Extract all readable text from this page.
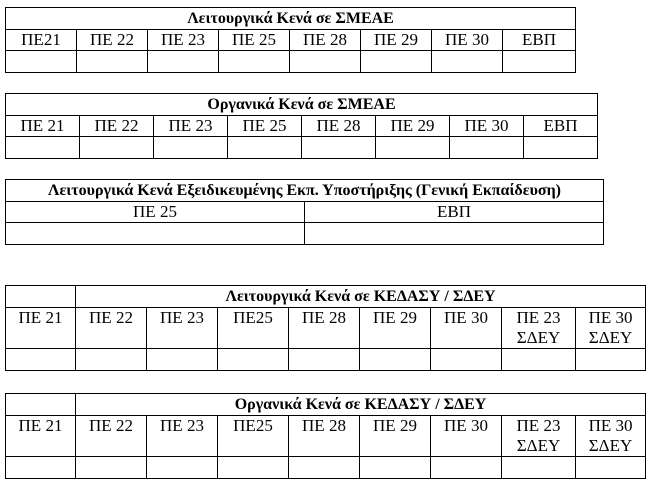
Λειτουργικά Κενά σε ΣΜΕΑΕ							
ΠΕ21	ΠΕ 22	ΠΕ 23	ΠΕ 25	ΠΕ 28	ΠΕ 29	ΠΕ 30	ΕΒΠ

Οργανικά Κενά σε ΣΜΕΑΕ							
ΠΕ 21	ΠΕ 22	ΠΕ 23	ΠΕ 25	ΠΕ 28	ΠΕ 29	ΠΕ 30	ΕΒΠ

Λειτουργικά Κενά Εξειδικευμένης Εκπ. Υποστήριξης (Γενική Εκπαίδευση)	
ΠΕ 25	ΕΒΠ

	Λειτουργικά Κενά σε ΚΕΔΑΣΥ / ΣΔΕΥ							
ΠΕ 21	ΠΕ 22	ΠΕ 23	ΠΕ25	ΠΕ 28	ΠΕ 29	ΠΕ 30	ΠΕ 23 ΣΔΕΥ	ΠΕ 30 ΣΔΕΥ

	Οργανικά Κενά σε ΚΕΔΑΣΥ / ΣΔΕΥ							
ΠΕ 21	ΠΕ 22	ΠΕ 23	ΠΕ25	ΠΕ 28	ΠΕ 29	ΠΕ 30	ΠΕ 23 ΣΔΕΥ	ΠΕ 30 ΣΔΕΥ
